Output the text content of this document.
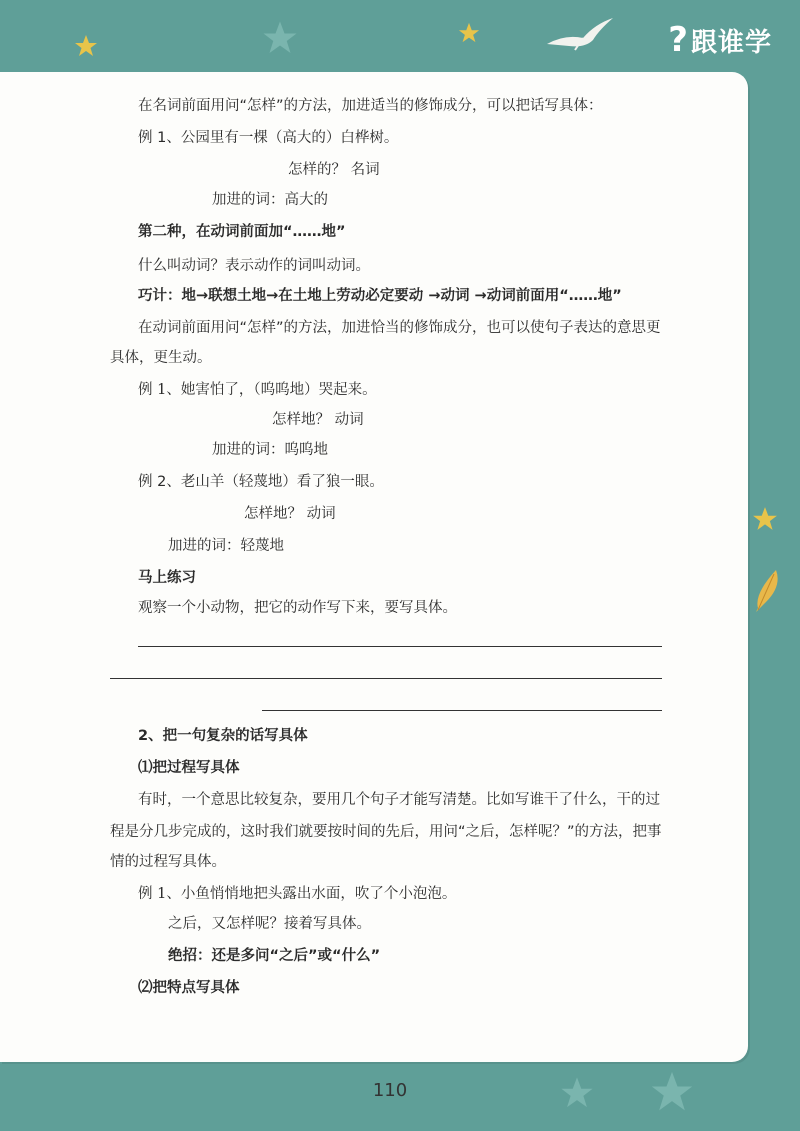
?跟谁学
在名词前面用问“怎样”的方法，加进适当的修饰成分，可以把话写具体：
例 1、公园里有一棵（高大的）白桦树。
怎样的？ 名词
加进的词：高大的
第二种，在动词前面加“……地”
什么叫动词？表示动作的词叫动词。
巧计：地→联想土地→在土地上劳动必定要动 →动词 →动词前面用“……地”
在动词前面用问“怎样”的方法，加进恰当的修饰成分，也可以使句子表达的意思更
具体，更生动。
例 1、她害怕了，（呜呜地）哭起来。
怎样地？ 动词
加进的词：呜呜地
例 2、老山羊（轻蔑地）看了狼一眼。
怎样地？ 动词
加进的词：轻蔑地
马上练习
观察一个小动物，把它的动作写下来，要写具体。
2、把一句复杂的话写具体
⑴把过程写具体
有时，一个意思比较复杂，要用几个句子才能写清楚。比如写谁干了什么，干的过
程是分几步完成的，这时我们就要按时间的先后，用问“之后，怎样呢？”的方法，把事
情的过程写具体。
例 1、小鱼悄悄地把头露出水面，吹了个小泡泡。
之后，又怎样呢？接着写具体。
绝招：还是多问“之后”或“什么”
⑵把特点写具体
110
